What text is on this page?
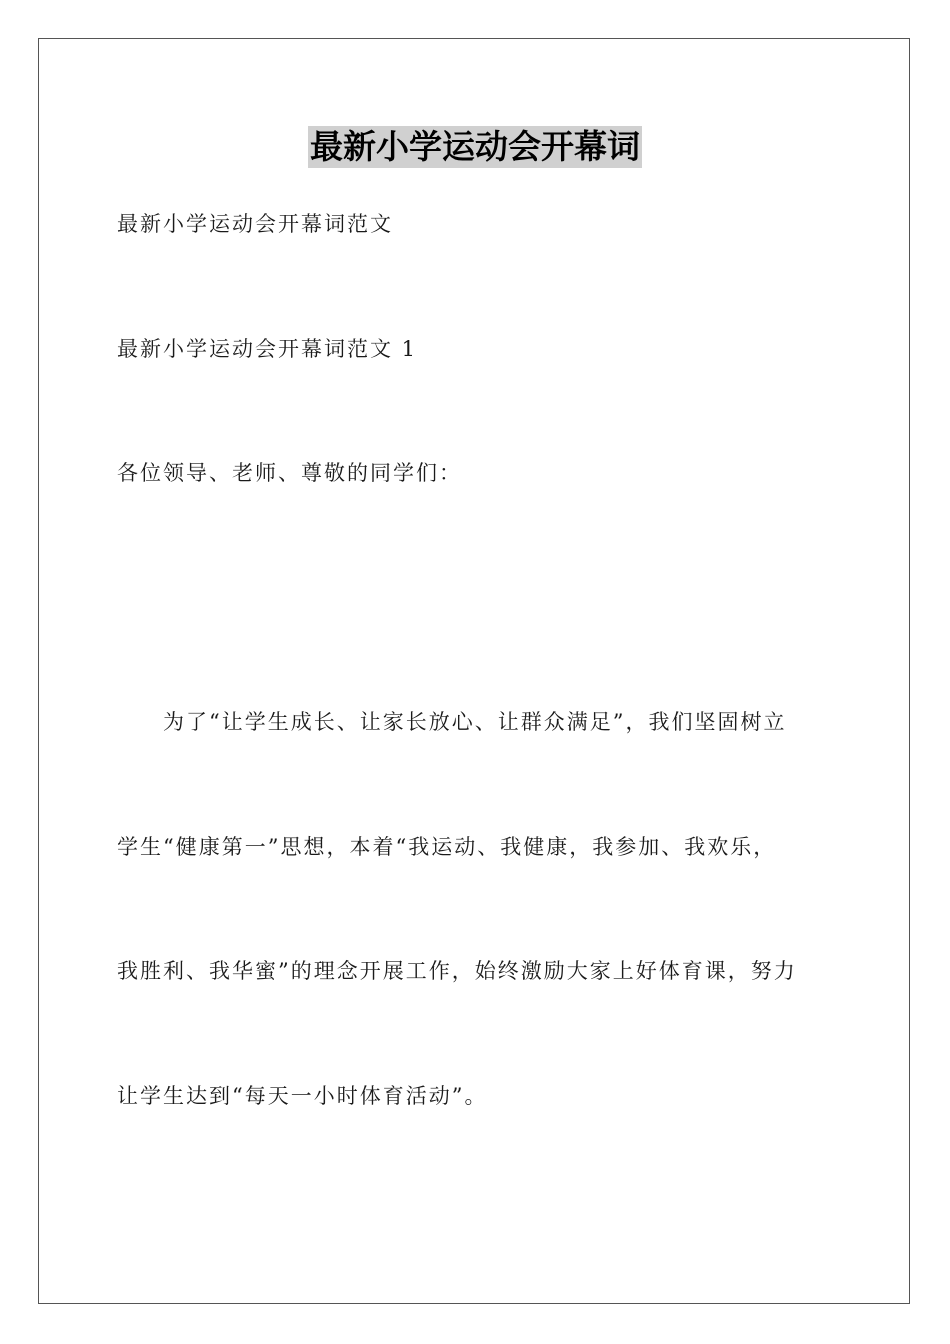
最新小学运动会开幕词
最新小学运动会开幕词范文
最新小学运动会开幕词范文 1
各位领导、老师、尊敬的同学们：
为了“让学生成长、让家长放心、让群众满足”，我们坚固树立
学生“健康第一”思想，本着“我运动、我健康，我参加、我欢乐，
我胜利、我华蜜”的理念开展工作，始终激励大家上好体育课，努力
让学生达到“每天一小时体育活动”。
